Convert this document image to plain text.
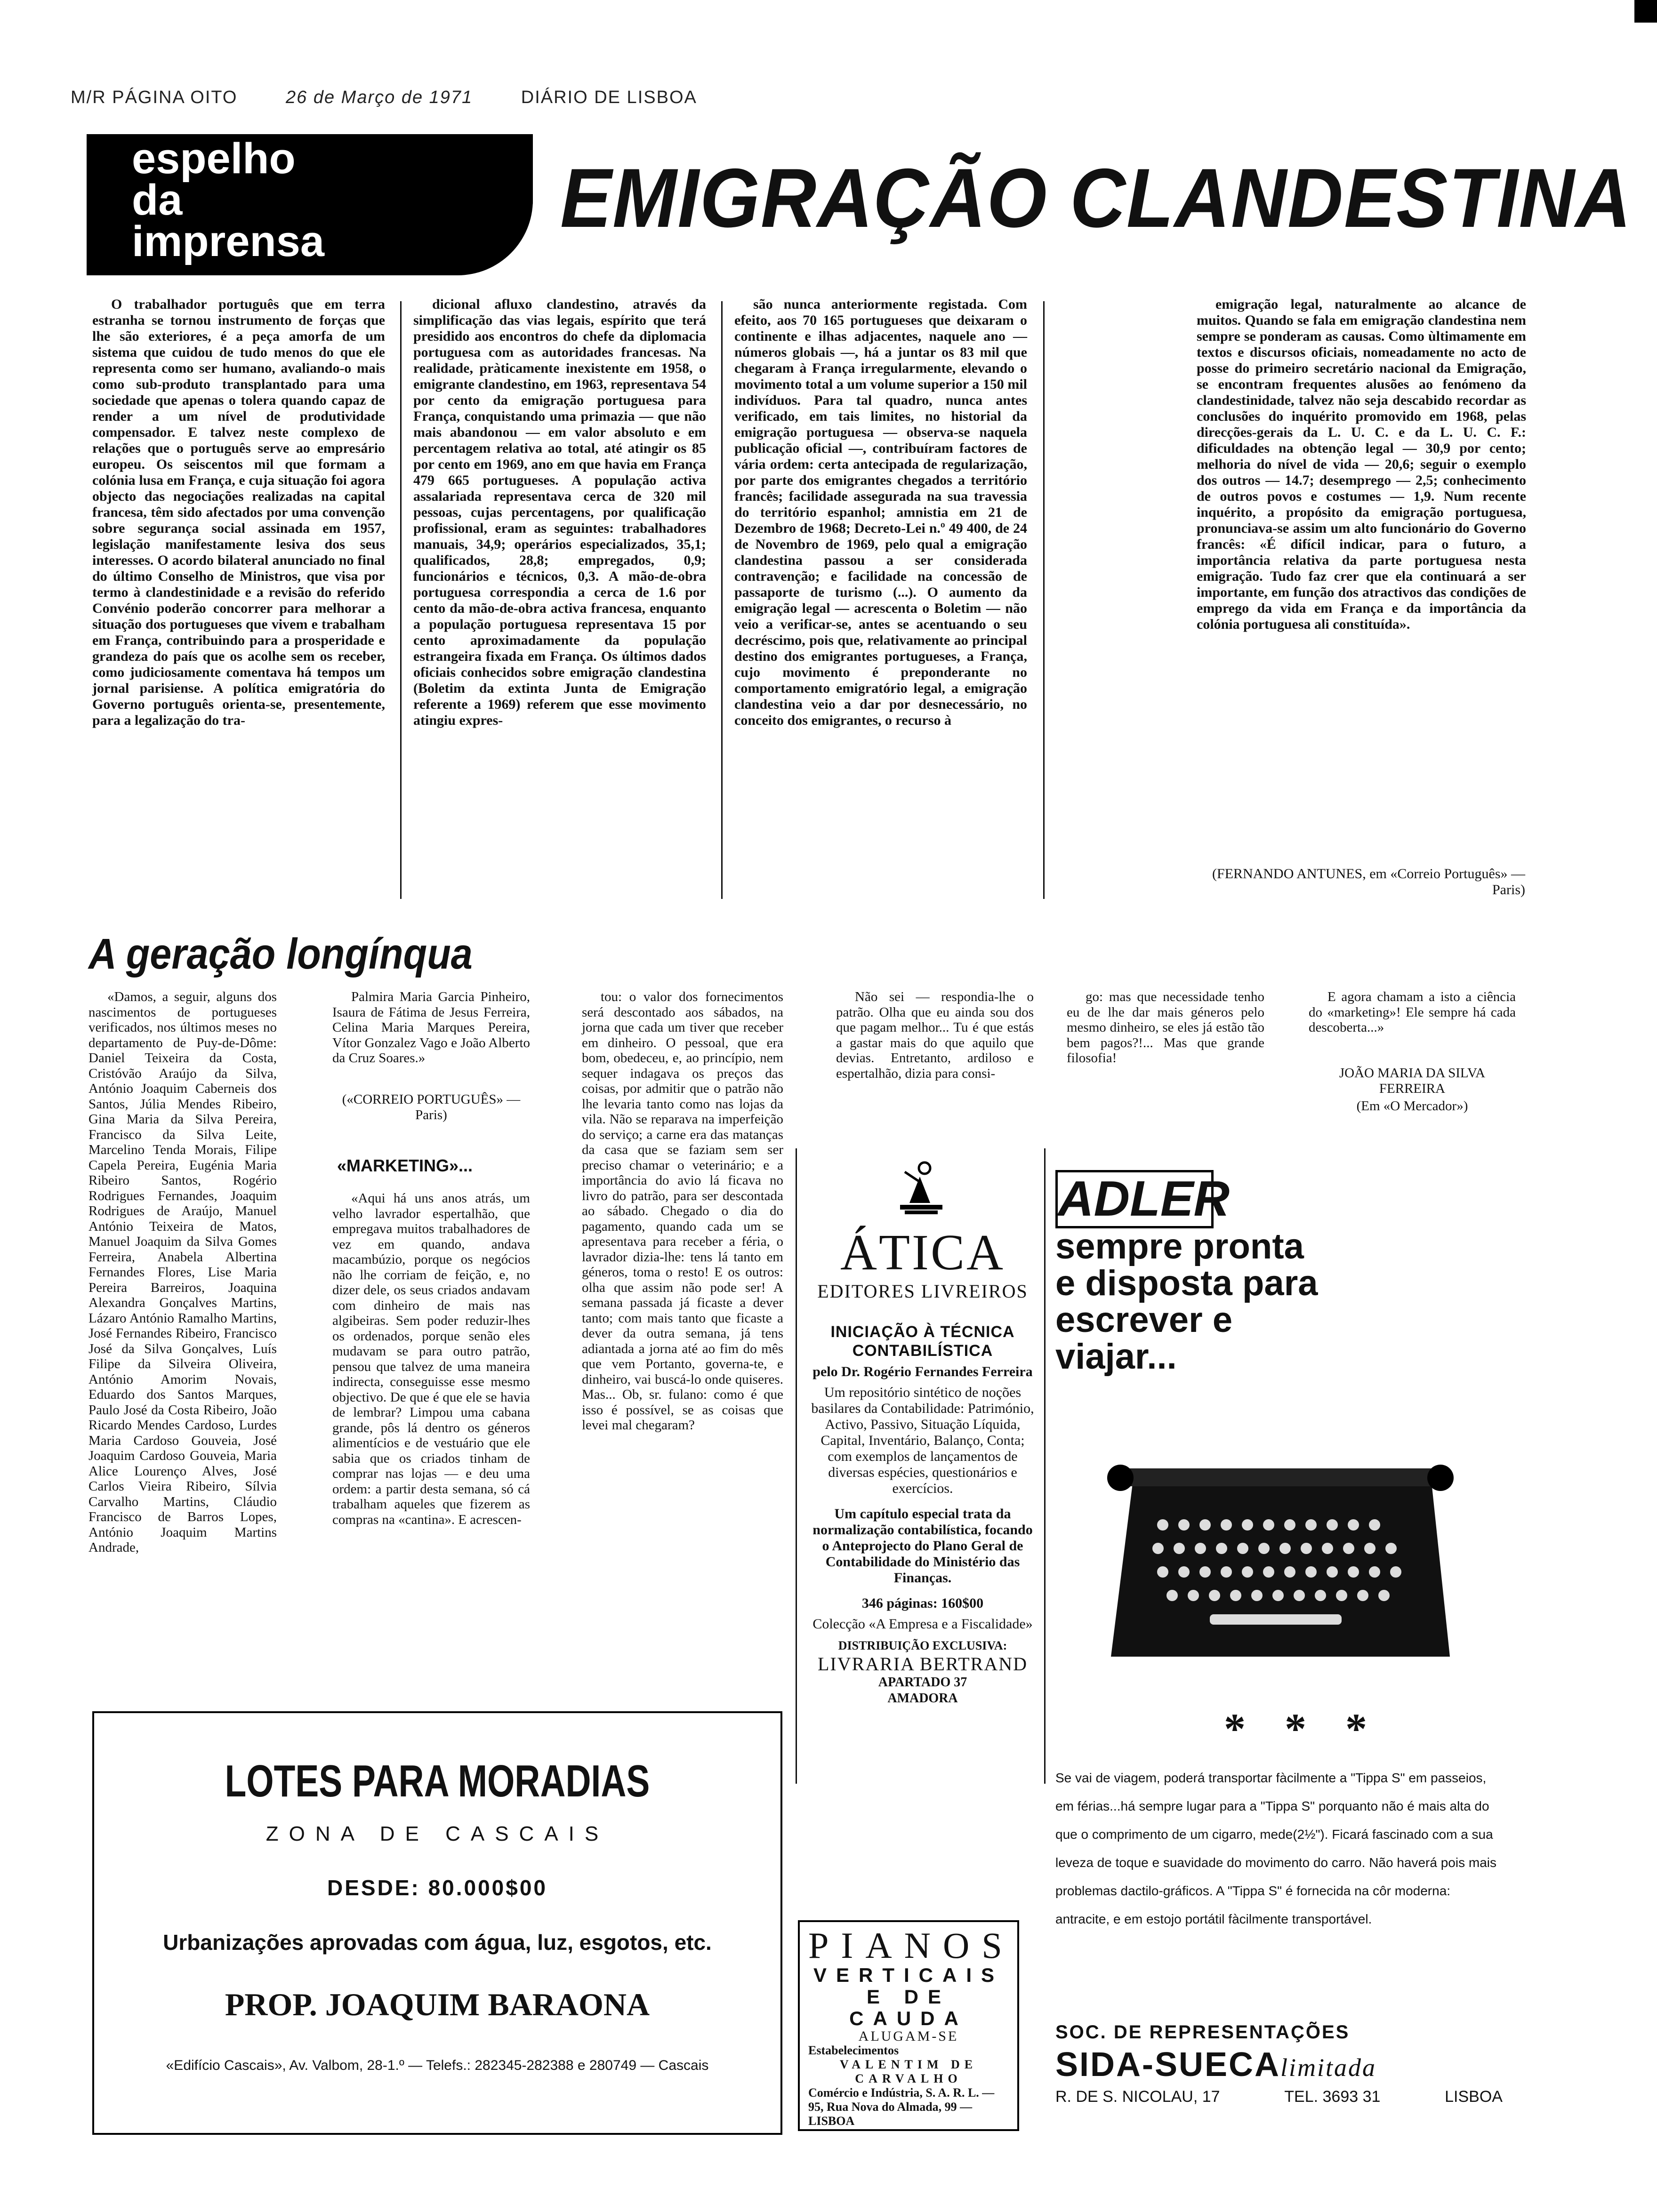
M/R PÁGINA OITO	26 de Março de 1971	DIÁRIO DE LISBOA
espelho
da
imprensa	EMIGRAÇÃO CLANDESTINA

O trabalhador português que em terra estranha se tornou instrumento de forças que lhe são exteriores, é a peça amorfa de um sistema que cuidou de tudo menos do que ele representa como ser humano, avaliando-o mais como sub-produto transplantado para uma sociedade que apenas o tolera quando capaz de render a um nível de produtividade compensador. E talvez neste complexo de relações que o português serve ao empresário europeu. Os seiscentos mil que formam a colónia lusa em França, e cuja situação foi agora objecto das negociações realizadas na capital francesa, têm sido afectados por uma convenção sobre segurança social assinada em 1957, legislação manifestamente lesiva dos seus interesses. O acordo bilateral anunciado no final do último Conselho de Ministros, que visa por termo à clandestinidade e a revisão do referido Convénio poderão concorrer para melhorar a situação dos portugueses que vivem e trabalham em França, contribuindo para a prosperidade e grandeza do país que os acolhe sem os receber, como judiciosamente comentava há tempos um jornal parisiense. A política emigratória do Governo português orienta-se, presentemente, para a legalização do tra-

dicional afluxo clandestino, através da simplificação das vias legais, espírito que terá presidido aos encontros do chefe da diplomacia portuguesa com as autoridades francesas. Na realidade, pràticamente inexistente em 1958, o emigrante clandestino, em 1963, representava 54 por cento da emigração portuguesa para França, conquistando uma primazia — que não mais abandonou — em valor absoluto e em percentagem relativa ao total, até atingir os 85 por cento em 1969, ano em que havia em França 479 665 portugueses. A população activa assalariada representava cerca de 320 mil pessoas, cujas percentagens, por qualificação profissional, eram as seguintes: trabalhadores manuais, 34,9; operários especializados, 35,1; qualificados, 28,8; empregados, 0,9; funcionários e técnicos, 0,3. A mão-de-obra portuguesa correspondia a cerca de 1.6 por cento da mão-de-obra activa francesa, enquanto a população portuguesa representava 15 por cento aproximadamente da população estrangeira fixada em França. Os últimos dados oficiais conhecidos sobre emigração clandestina (Boletim da extinta Junta de Emigração referente a 1969) referem que esse movimento atingiu expres-

são nunca anteriormente registada. Com efeito, aos 70 165 portugueses que deixaram o continente e ilhas adjacentes, naquele ano — números globais —, há a juntar os 83 mil que chegaram à França irregularmente, elevando o movimento total a um volume superior a 150 mil indivíduos. Para tal quadro, nunca antes verificado, em tais limites, no historial da emigração portuguesa — observa-se naquela publicação oficial —, contribuíram factores de vária ordem: certa antecipada de regularização, por parte dos emigrantes chegados a território francês; facilidade assegurada na sua travessia do território espanhol; amnistia em 21 de Dezembro de 1968; Decreto-Lei n.º 49 400, de 24 de Novembro de 1969, pelo qual a emigração clandestina passou a ser considerada contravenção; e facilidade na concessão de passaporte de turismo (...). O aumento da emigração legal — acrescenta o Boletim — não veio a verificar-se, antes se acentuando o seu decréscimo, pois que, relativamente ao principal destino dos emigrantes portugueses, a França, cujo movimento é preponderante no comportamento emigratório legal, a emigração clandestina veio a dar por desnecessário, no conceito dos emigrantes, o recurso à

emigração legal, naturalmente ao alcance de muitos. Quando se fala em emigração clandestina nem sempre se ponderam as causas. Como ùltimamente em textos e discursos oficiais, nomeadamente no acto de posse do primeiro secretário nacional da Emigração, se encontram frequentes alusões ao fenómeno da clandestinidade, talvez não seja descabido recordar as conclusões do inquérito promovido em 1968, pelas direcções-gerais da L. U. C. e da L. U. C. F.: dificuldades na obtenção legal — 30,9 por cento; melhoria do nível de vida — 20,6; seguir o exemplo dos outros — 14.7; desemprego — 2,5; conhecimento de outros povos e costumes — 1,9. Num recente inquérito, a propósito da emigração portuguesa, pronunciava-se assim um alto funcionário do Governo francês: «É difícil indicar, para o futuro, a importância relativa da parte portuguesa nesta emigração. Tudo faz crer que ela continuará a ser importante, em função dos atractivos das condições de emprego da vida em França e da importância da colónia portuguesa ali constituída».

(FERNANDO ANTUNES, em «Correio Português» — Paris)
A geração longínqua

«Damos, a seguir, alguns dos nascimentos de portugueses verificados, nos últimos meses no departamento de Puy-de-Dôme: Daniel Teixeira da Costa, Cristóvão Araújo da Silva, António Joaquim Caberneis dos Santos, Júlia Mendes Ribeiro, Gina Maria da Silva Pereira, Francisco da Silva Leite, Marcelino Tenda Morais, Filipe Capela Pereira, Eugénia Maria Ribeiro Santos, Rogério Rodrigues Fernandes, Joaquim Rodrigues de Araújo, Manuel António Teixeira de Matos, Manuel Joaquim da Silva Gomes Ferreira, Anabela Albertina Fernandes Flores, Lise Maria Pereira Barreiros, Joaquina Alexandra Gonçalves Martins, Lázaro António Ramalho Martins, José Fernandes Ribeiro, Francisco José da Silva Gonçalves, Luís Filipe da Silveira Oliveira, António Amorim Novais, Eduardo dos Santos Marques, Paulo José da Costa Ribeiro, João Ricardo Mendes Cardoso, Lurdes Maria Cardoso Gouveia, José Joaquim Cardoso Gouveia, Maria Alice Lourenço Alves, José Carlos Vieira Ribeiro, Sílvia Carvalho Martins, Cláudio Francisco de Barros Lopes, António Joaquim Martins Andrade,

Palmira Maria Garcia Pinheiro, Isaura de Fátima de Jesus Ferreira, Celina Maria Marques Pereira, Vítor Gonzalez Vago e João Alberto da Cruz Soares.»

(«CORREIO PORTUGUÊS» — Paris)
«MARKETING»...

«Aqui há uns anos atrás, um velho lavrador espertalhão, que empregava muitos trabalhadores de vez em quando, andava macambúzio, porque os negócios não lhe corriam de feição, e, no dizer dele, os seus criados andavam com dinheiro de mais nas algibeiras. Sem poder reduzir-lhes os ordenados, porque senão eles mudavam se para outro patrão, pensou que talvez de uma maneira indirecta, conseguisse esse mesmo objectivo. De que é que ele se havia de lembrar? Limpou uma cabana grande, pôs lá dentro os géneros alimentícios e de vestuário que ele sabia que os criados tinham de comprar nas lojas — e deu uma ordem: a partir desta semana, só cá trabalham aqueles que fizerem as compras na «cantina». E acrescen-

tou: o valor dos fornecimentos será descontado aos sábados, na jorna que cada um tiver que receber em dinheiro. O pessoal, que era bom, obedeceu, e, ao princípio, nem sequer indagava os preços das coisas, por admitir que o patrão não lhe levaria tanto como nas lojas da vila. Não se reparava na imperfeição do serviço; a carne era das matanças da casa que se faziam sem ser preciso chamar o veterinário; e a importância do avio lá ficava no livro do patrão, para ser descontada ao sábado. Chegado o dia do pagamento, quando cada um se apresentava para receber a féria, o lavrador dizia-lhe: tens lá tanto em géneros, toma o resto! E os outros: olha que assim não pode ser! A semana passada já ficaste a dever tanto; com mais tanto que ficaste a dever da outra semana, já tens adiantada a jorna até ao fim do mês que vem Portanto, governa-te, e dinheiro, vai buscá-lo onde quiseres. Mas... Ob, sr. fulano: como é que isso é possível, se as coisas que levei mal chegaram?

Não sei — respondia-lhe o patrão. Olha que eu ainda sou dos que pagam melhor... Tu é que estás a gastar mais do que aquilo que devias. Entretanto, ardiloso e espertalhão, dizia para consi-

go: mas que necessidade tenho eu de lhe dar mais géneros pelo mesmo dinheiro, se eles já estão tão bem pagos?!... Mas que grande filosofia!

E agora chamam a isto a ciência do «marketing»! Ele sempre há cada descoberta...»

JOÃO MARIA DA SILVA FERREIRA
(Em «O Mercador»)
ÁTICA
EDITORES LIVREIROS
INICIAÇÃO À TÉCNICA CONTABILÍSTICA
pelo Dr. Rogério Fernandes Ferreira
Um repositório sintético de noções basilares da Contabilidade: Património, Activo, Passivo, Situação Líquida, Capital, Inventário, Balanço, Conta; com exemplos de lançamentos de diversas espécies, questionários e exercícios.
Um capítulo especial trata da normalização contabilística, focando o Anteprojecto do Plano Geral de Contabilidade do Ministério das Finanças.
346 páginas: 160$00
Colecção «A Empresa e a Fiscalidade»
DISTRIBUIÇÃO EXCLUSIVA:
LIVRARIA BERTRAND
APARTADO 37
AMADORA
PIANOS
VERTICAIS
E DE CAUDA
ALUGAM-SE
Estabelecimentos
VALENTIM DE CARVALHO
Comércio e Indústria, S. A. R. L. — 95, Rua Nova do Almada, 99 — LISBOA
LOTES PARA MORADIAS
ZONA DE CASCAIS
DESDE: 80.000$00
Urbanizações aprovadas com água, luz, esgotos, etc.
PROP. JOAQUIM BARAONA
«Edifício Cascais», Av. Valbom, 28-1.º — Telefs.: 282345-282388 e 280749 — Cascais
ADLER
sempre pronta
e disposta para
escrever e
viajar...
* * *
Se vai de viagem, poderá transportar fàcilmente a "Tippa S" em passeios, em férias...há sempre lugar para a "Tippa S" porquanto não é mais alta do que o comprimento de um cigarro, mede(2½"). Ficará fascinado com a sua leveza de toque e suavidade do movimento do carro. Não haverá pois mais problemas dactilo-gráficos. A "Tippa S" é fornecida na côr moderna: antracite, e em estojo portátil fàcilmente transportável.
SOC. DE REPRESENTAÇÕES
SIDA-SUECAlimitada
R. DE S. NICOLAU, 17	TEL. 3693 31	LISBOA
